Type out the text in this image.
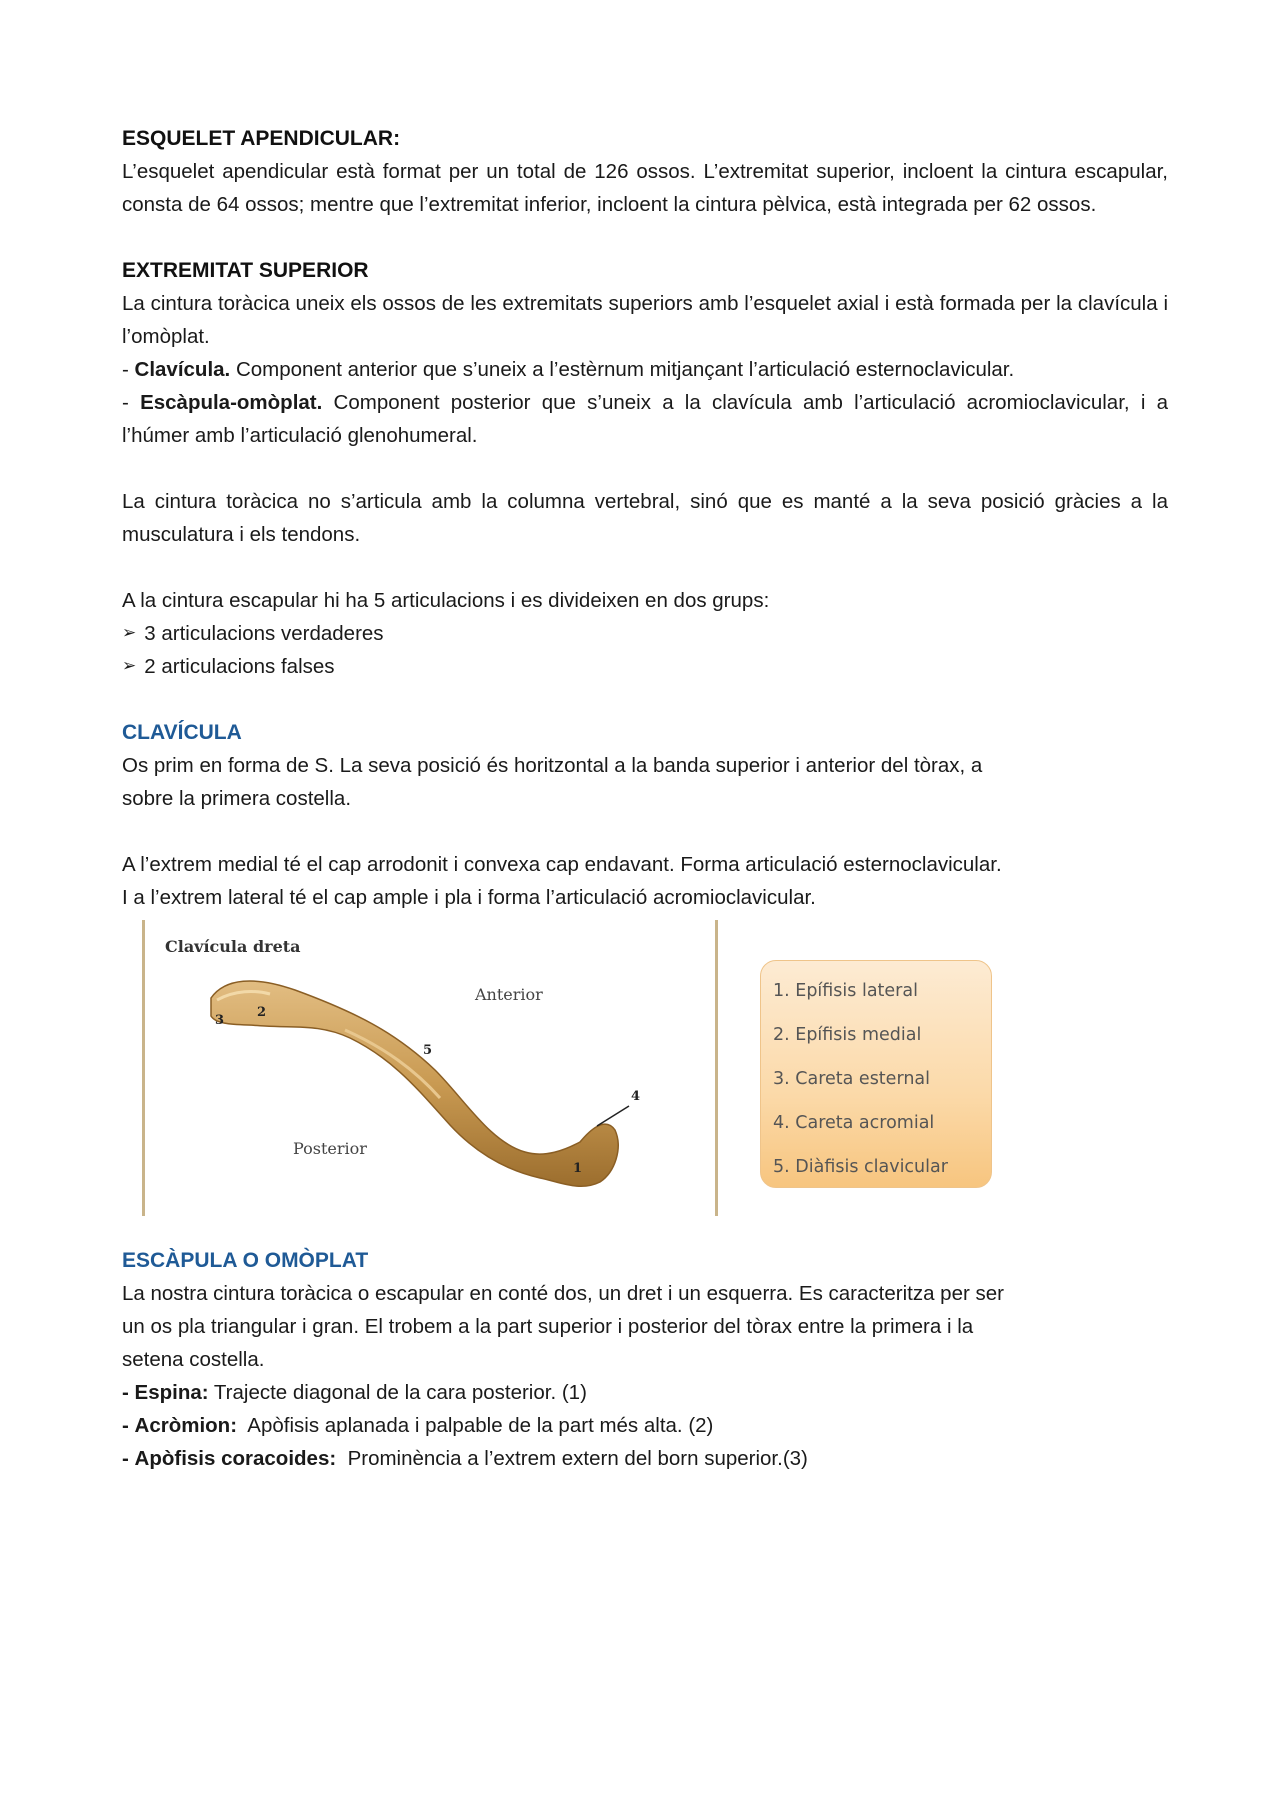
ESQUELET APENDICULAR:

L’esquelet apendicular està format per un total de 126 ossos. L’extremitat superior, incloent la cintura escapular, consta de 64 ossos; mentre que l’extremitat inferior, incloent la cintura pèlvica, està integrada per 62 ossos.

EXTREMITAT SUPERIOR

La cintura toràcica uneix els ossos de les extremitats superiors amb l’esquelet axial i està formada per la clavícula i l’omòplat.

- Clavícula. Component anterior que s’uneix a l’estèrnum mitjançant l’articulació esternoclavicular.

- Escàpula-omòplat. Component posterior que s’uneix a la clavícula amb l’articulació acromioclavicular, i a l’húmer amb l’articulació glenohumeral.

La cintura toràcica no s’articula amb la columna vertebral, sinó que es manté a la seva posició gràcies a la musculatura i els tendons.

A la cintura escapular hi ha 5 articulacions i es divideixen en dos grups:

➢ 3 articulacions verdaderes
➢ 2 articulacions falses

CLAVÍCULA

Os prim en forma de S. La seva posició és horitzontal a la banda superior i anterior del tòrax, a

sobre la primera costella.

A l’extrem medial té el cap arrodonit i convexa cap endavant. Forma articulació esternoclavicular.

I a l’extrem lateral té el cap ample i pla i forma l’articulació acromioclavicular.

2
3
5
4
1
Clavícula dreta
Anterior
Posterior
1. Epífisis lateral
2. Epífisis medial
3. Careta esternal
4. Careta acromial
5. Diàfisis clavicular

ESCÀPULA O OMÒPLAT

La nostra cintura toràcica o escapular en conté dos, un dret i un esquerra. Es caracteritza per ser

un os pla triangular i gran. El trobem a la part superior i posterior del tòrax entre la primera i la

setena costella.

- Espina: Trajecte diagonal de la cara posterior. (1)

- Acròmion:  Apòfisis aplanada i palpable de la part més alta. (2)

- Apòfisis coracoides:  Prominència a l’extrem extern del born superior.(3)
